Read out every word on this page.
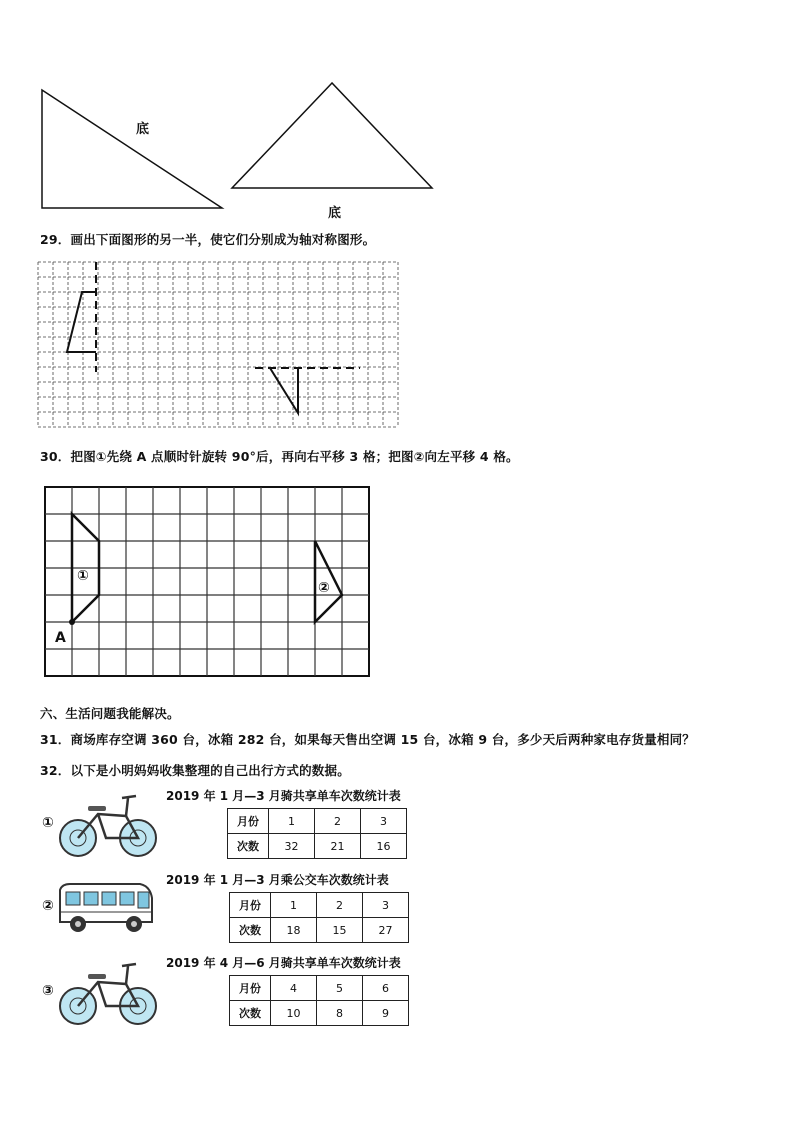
底
底
29．画出下面图形的另一半，使它们分别成为轴对称图形。
30．把图①先绕 A 点顺时针旋转 90°后，再向右平移 3 格；把图②向左平移 4 格。
①
②
A
六、生活问题我能解决。
31．商场库存空调 360 台，冰箱 282 台，如果每天售出空调 15 台，冰箱 9 台，多少天后两种家电存货量相同？
32．以下是小明妈妈收集整理的自己出行方式的数据。
①
2019 年 1 月—3 月骑共享单车次数统计表
月份	1	2	3
次数	32	21	16
②
2019 年 1 月—3 月乘公交车次数统计表
月份	1	2	3
次数	18	15	27
③
2019 年 4 月—6 月骑共享单车次数统计表
月份	4	5	6
次数	10	8	9
